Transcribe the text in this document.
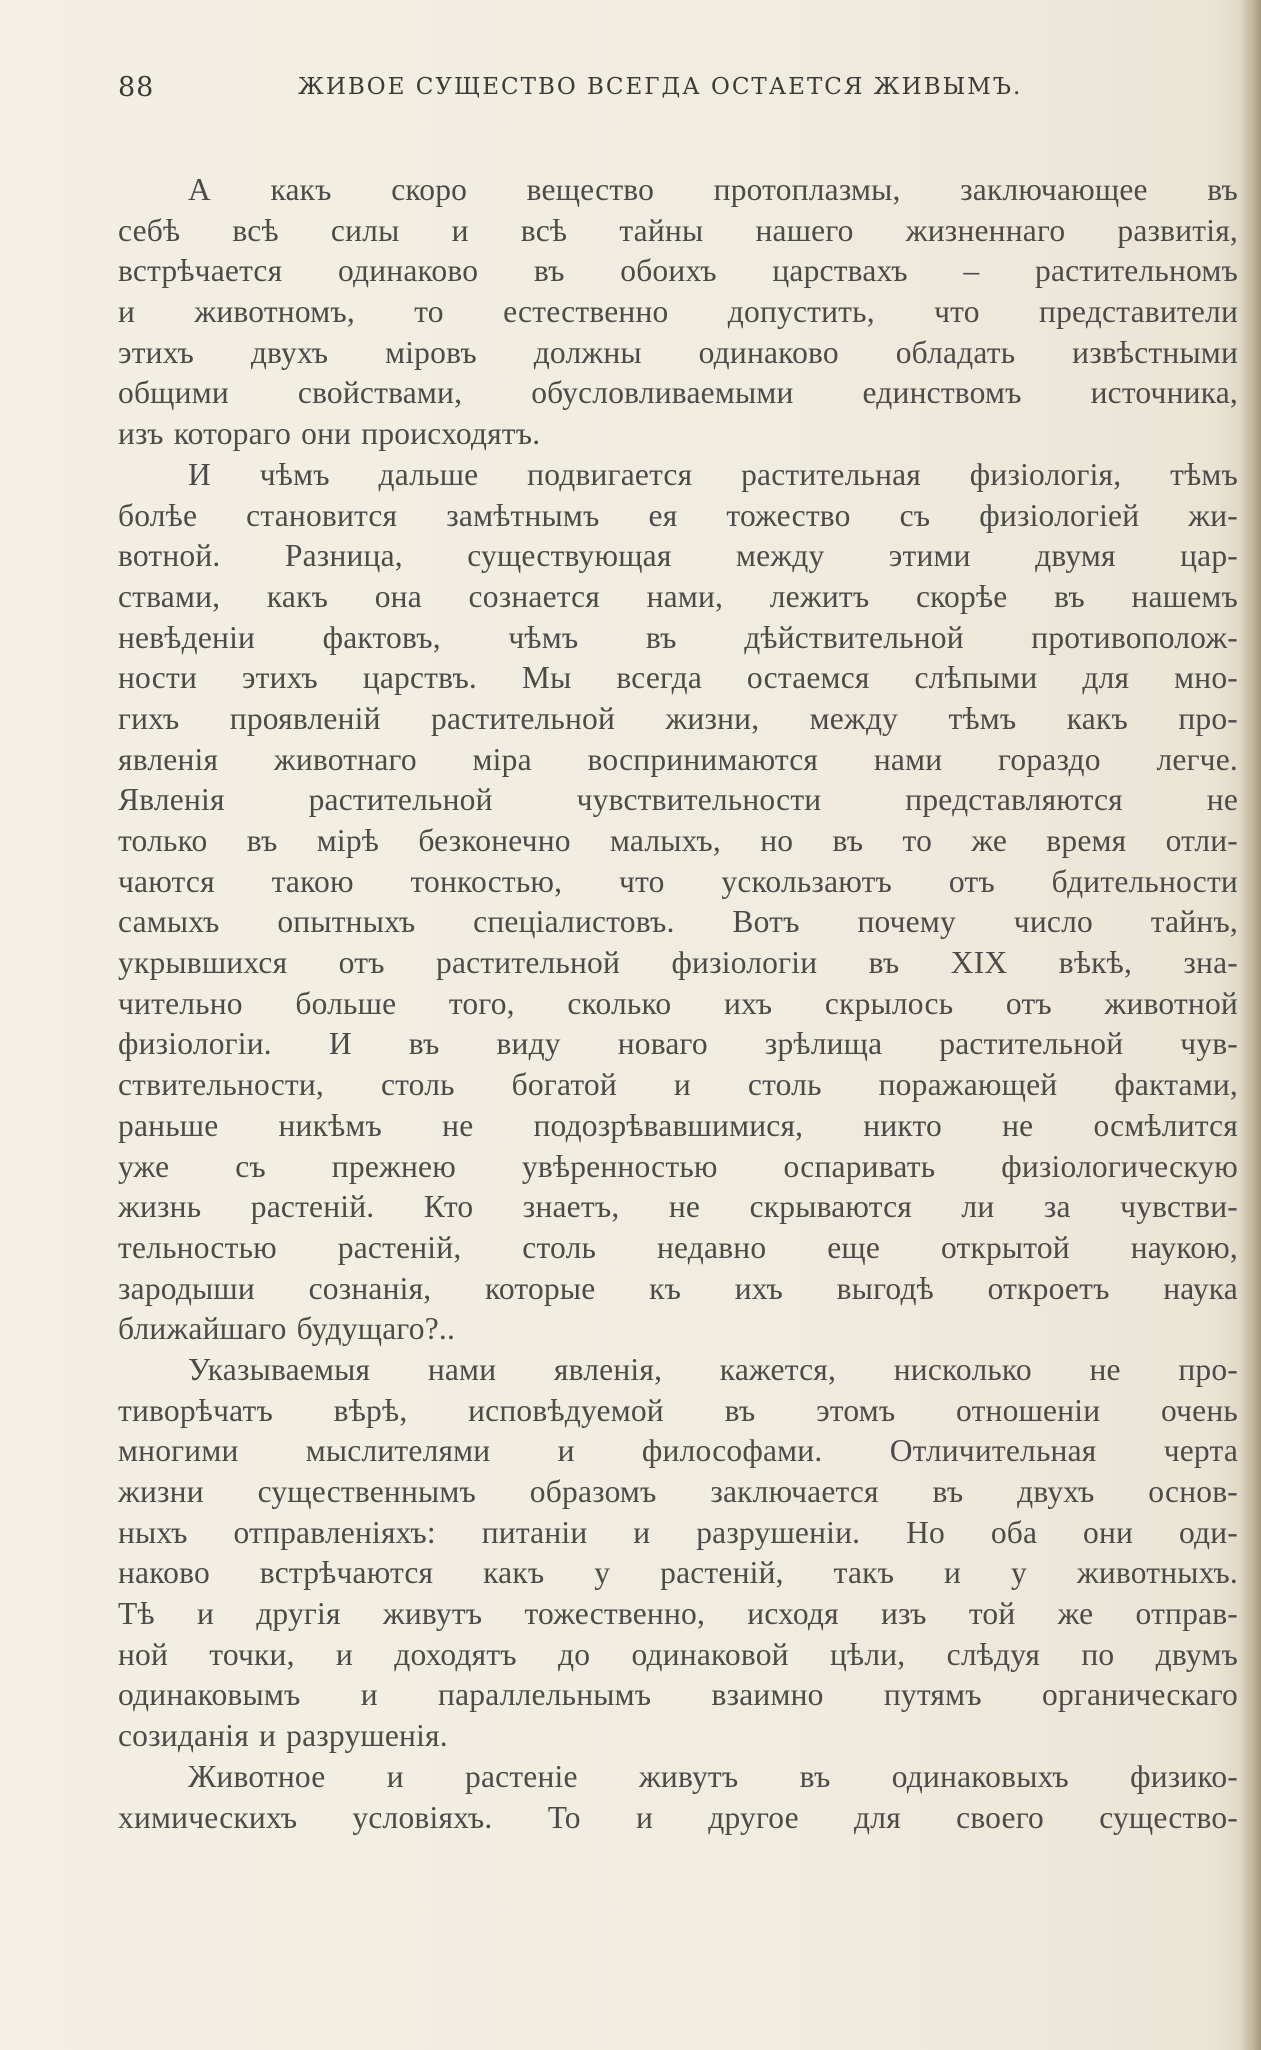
88	ЖИВОЕ СУЩЕСТВО ВСЕГДА ОСТАЕТСЯ ЖИВЫМЪ.
А какъ скоро вещество протоплазмы, заключающее въ
себѣ всѣ силы и всѣ тайны нашего жизненнаго развитія,
встрѣчается одинаково въ обоихъ царствахъ – растительномъ
и животномъ, то естественно допустить, что представители
этихъ двухъ міровъ должны одинаково обладать извѣстными
общими свойствами, обусловливаемыми единствомъ источника,
изъ котораго они происходятъ.
И чѣмъ дальше подвигается растительная физіологія, тѣмъ
болѣе становится замѣтнымъ ея тожество съ физіологіей жи-
вотной. Разница, существующая между этими двумя цар-
ствами, какъ она сознается нами, лежитъ скорѣе въ нашемъ
невѣденіи фактовъ, чѣмъ въ дѣйствительной противополож-
ности этихъ царствъ. Мы всегда остаемся слѣпыми для мно-
гихъ проявленій растительной жизни, между тѣмъ какъ про-
явленія животнаго міра воспринимаются нами гораздо легче.
Явленія растительной чувствительности представляются не
только въ мірѣ безконечно малыхъ, но въ то же время отли-
чаются такою тонкостью, что ускользаютъ отъ бдительности
самыхъ опытныхъ спеціалистовъ. Вотъ почему число тайнъ,
укрывшихся отъ растительной физіологіи въ XIX вѣкѣ, зна-
чительно больше того, сколько ихъ скрылось отъ животной
физіологіи. И въ виду новаго зрѣлища растительной чув-
ствительности, столь богатой и столь поражающей фактами,
раньше никѣмъ не подозрѣвавшимися, никто не осмѣлится
уже съ прежнею увѣренностью оспаривать физіологическую
жизнь растеній. Кто знаетъ, не скрываются ли за чувстви-
тельностью растеній, столь недавно еще открытой наукою,
зародыши сознанія, которые къ ихъ выгодѣ откроетъ наука
ближайшаго будущаго?..
Указываемыя нами явленія, кажется, нисколько не про-
тиворѣчатъ вѣрѣ, исповѣдуемой въ этомъ отношеніи очень
многими мыслителями и философами. Отличительная черта
жизни существеннымъ образомъ заключается въ двухъ основ-
ныхъ отправленіяхъ: питаніи и разрушеніи. Но оба они оди-
наково встрѣчаются какъ у растеній, такъ и у животныхъ.
Тѣ и другія живутъ тожественно, исходя изъ той же отправ-
ной точки, и доходятъ до одинаковой цѣли, слѣдуя по двумъ
одинаковымъ и параллельнымъ взаимно путямъ органическаго
созиданія и разрушенія.
Животное и растеніе живутъ въ одинаковыхъ физико-
химическихъ условіяхъ. То и другое для своего существо-
